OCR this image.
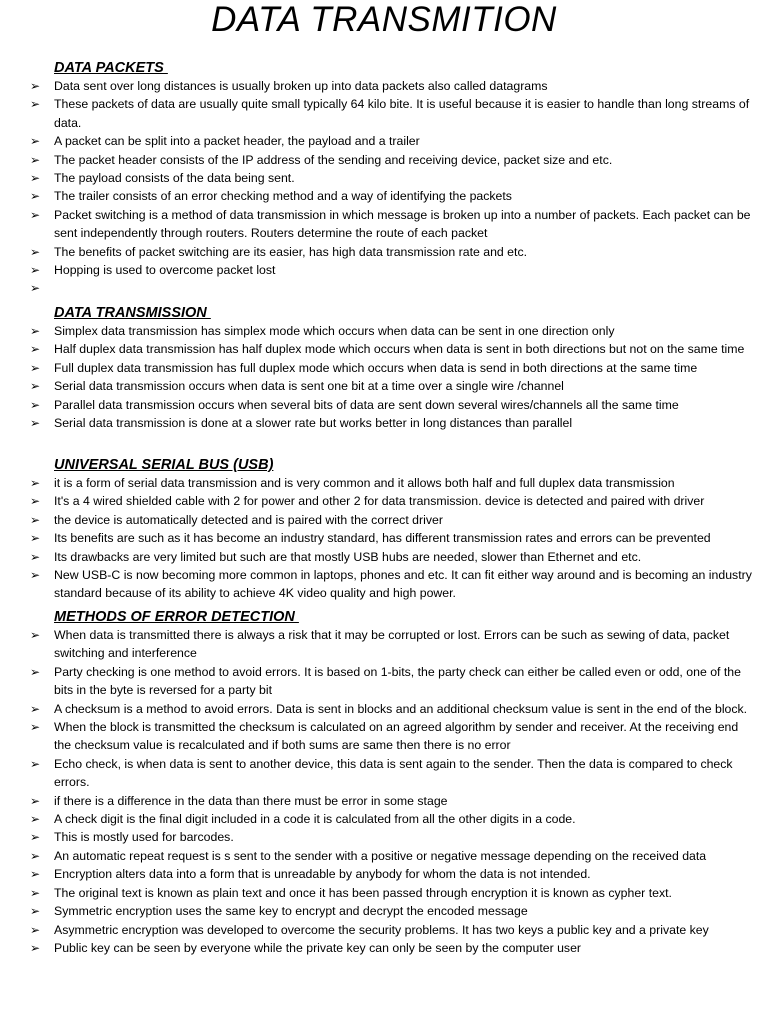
DATA TRANSMITION
DATA PACKETS
➢ Data sent over long distances is usually broken up into data packets also called datagrams
➢ These packets of data are usually quite small typically 64 kilo bite. It is useful because it is easier to handle than long streams of data.
➢ A packet can be split into a packet header, the payload and a trailer
➢ The packet header consists of the IP address of the sending and receiving device, packet size and etc.
➢ The payload consists of the data being sent.
➢ The trailer consists of an error checking method and a way of identifying the packets
➢ Packet switching is a method of data transmission in which message is broken up into a number of packets. Each packet can be sent independently through routers. Routers determine the route of each packet
➢ The benefits of packet switching are its easier, has high data transmission rate and etc.
➢ Hopping is used to overcome packet lost
➢
DATA TRANSMISSION
➢ Simplex data transmission has simplex mode which occurs when data can be sent in one direction only
➢ Half duplex data transmission has half duplex mode which occurs when data is sent in both directions but not on the same time
➢ Full duplex data transmission has full duplex mode which occurs when data is send in both directions at the same time
➢ Serial data transmission occurs when data is sent one bit at a time over a single wire /channel
➢ Parallel data transmission occurs when several bits of data are sent down several wires/channels all the same time
➢ Serial data transmission is done at a slower rate but works better in long distances than parallel
UNIVERSAL SERIAL BUS (USB)
➢ it is a form of serial data transmission and is very common and it allows both half and full duplex data transmission
➢ It's a 4 wired shielded cable with 2 for power and other 2 for data transmission. device is detected and paired with driver
➢ the device is automatically detected and is paired with the correct driver
➢ Its benefits are such as it has become an industry standard, has different transmission rates and errors can be prevented
➢ Its drawbacks are very limited but such are that mostly USB hubs are needed, slower than Ethernet and etc.
➢ New USB-C is now becoming more common in laptops, phones and etc. It can fit either way around and is becoming an industry standard because of its ability to achieve 4K video quality and high power.
METHODS OF ERROR DETECTION
➢ When data is transmitted there is always a risk that it may be corrupted or lost. Errors can be such as sewing of data, packet switching and interference
➢ Party checking is one method to avoid errors. It is based on 1-bits, the party check can either be called even or odd, one of the bits in the byte is reversed for a party bit
➢ A checksum is a method to avoid errors. Data is sent in blocks and an additional checksum value is sent in the end of the block.
➢ When the block is transmitted the checksum is calculated on an agreed algorithm by sender and receiver. At the receiving end the checksum value is recalculated and if both sums are same then there is no error
➢ Echo check, is when data is sent to another device, this data is sent again to the sender. Then the data is compared to check errors.
➢ if there is a difference in the data than there must be error in some stage
➢ A check digit is the final digit included in a code it is calculated from all the other digits in a code.
➢ This is mostly used for barcodes.
➢ An automatic repeat request is s sent to the sender with a positive or negative message depending on the received data
➢ Encryption alters data into a form that is unreadable by anybody for whom the data is not intended.
➢ The original text is known as plain text and once it has been passed through encryption it is known as cypher text.
➢ Symmetric encryption uses the same key to encrypt and decrypt the encoded message
➢ Asymmetric encryption was developed to overcome the security problems. It has two keys a public key and a private key
➢ Public key can be seen by everyone while the private key can only be seen by the computer user
